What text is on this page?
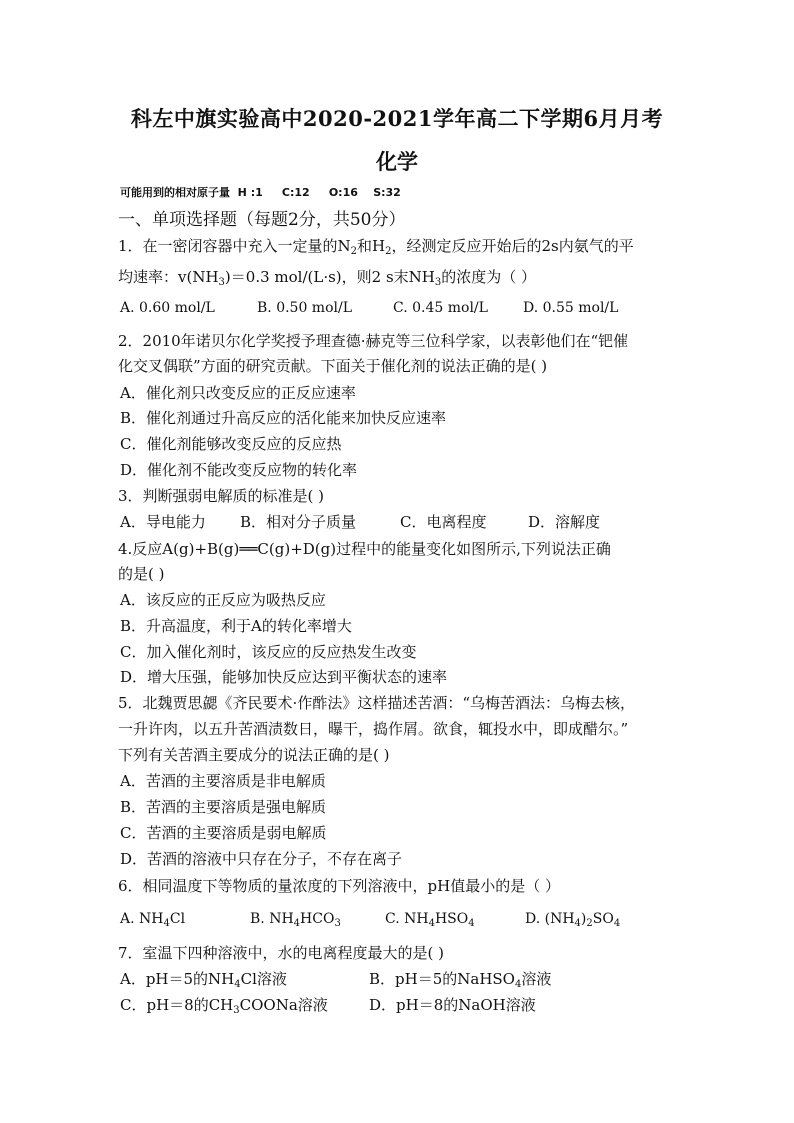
科左中旗实验高中2020-2021学年高二下学期6月月考
化学
可能用到的相对原子量  H :1     C:12     O:16    S:32
一、单项选择题（每题2分，共50分）
1．在一密闭容器中充入一定量的$N_2$和$H_2$，经测定反应开始后的2s内氨气的平
均速率：$v(NH_3)=0.3$ mol/(L·s)，则2 s末$NH_3$的浓度为（ ）
A. 0.60 mol/L	B. 0.50 mol/L	C. 0.45 mol/L	D. 0.55 mol/L
2．2010年诺贝尔化学奖授予理查德·赫克等三位科学家，以表彰他们在“钯催
化交叉偶联”方面的研究贡献。下面关于催化剂的说法正确的是( )
A．催化剂只改变反应的正反应速率
B．催化剂通过升高反应的活化能来加快反应速率
C．催化剂能够改变反应的反应热
D．催化剂不能改变反应物的转化率
3．判断强弱电解质的标准是( )
A．导电能力 B．相对分子质量	C．电离程度	D．溶解度
4.反应A(g)+B(g)══C(g)+D(g)过程中的能量变化如图所示,下列说法正确
的是( )
A．该反应的正反应为吸热反应
B．升高温度，利于A的转化率增大
C．加入催化剂时，该反应的反应热发生改变
D．增大压强，能够加快反应达到平衡状态的速率
5．北魏贾思勰《齐民要术·作酢法》这样描述苦酒：“乌梅苦酒法：乌梅去核，
一升许肉，以五升苦酒渍数日，曝干，捣作屑。欲食，辄投水中，即成醋尔。”
下列有关苦酒主要成分的说法正确的是( )
A．苦酒的主要溶质是非电解质
B．苦酒的主要溶质是强电解质
C．苦酒的主要溶质是弱电解质
D．苦酒的溶液中只存在分子，不存在离子
6．相同温度下等物质的量浓度的下列溶液中，pH值最小的是（ ）
A. $NH_4Cl$	B. $NH_4HCO_3$	C. $NH_4HSO_4$	D. $(NH_4)_2SO_4$
7．室温下四种溶液中，水的电离程度最大的是( )
A．pH＝5的$NH_4Cl$溶液	B．pH＝5的NaHSO$_4$溶液
C．pH＝8的$CH_3COONa$溶液	D．pH＝8的NaOH溶液
